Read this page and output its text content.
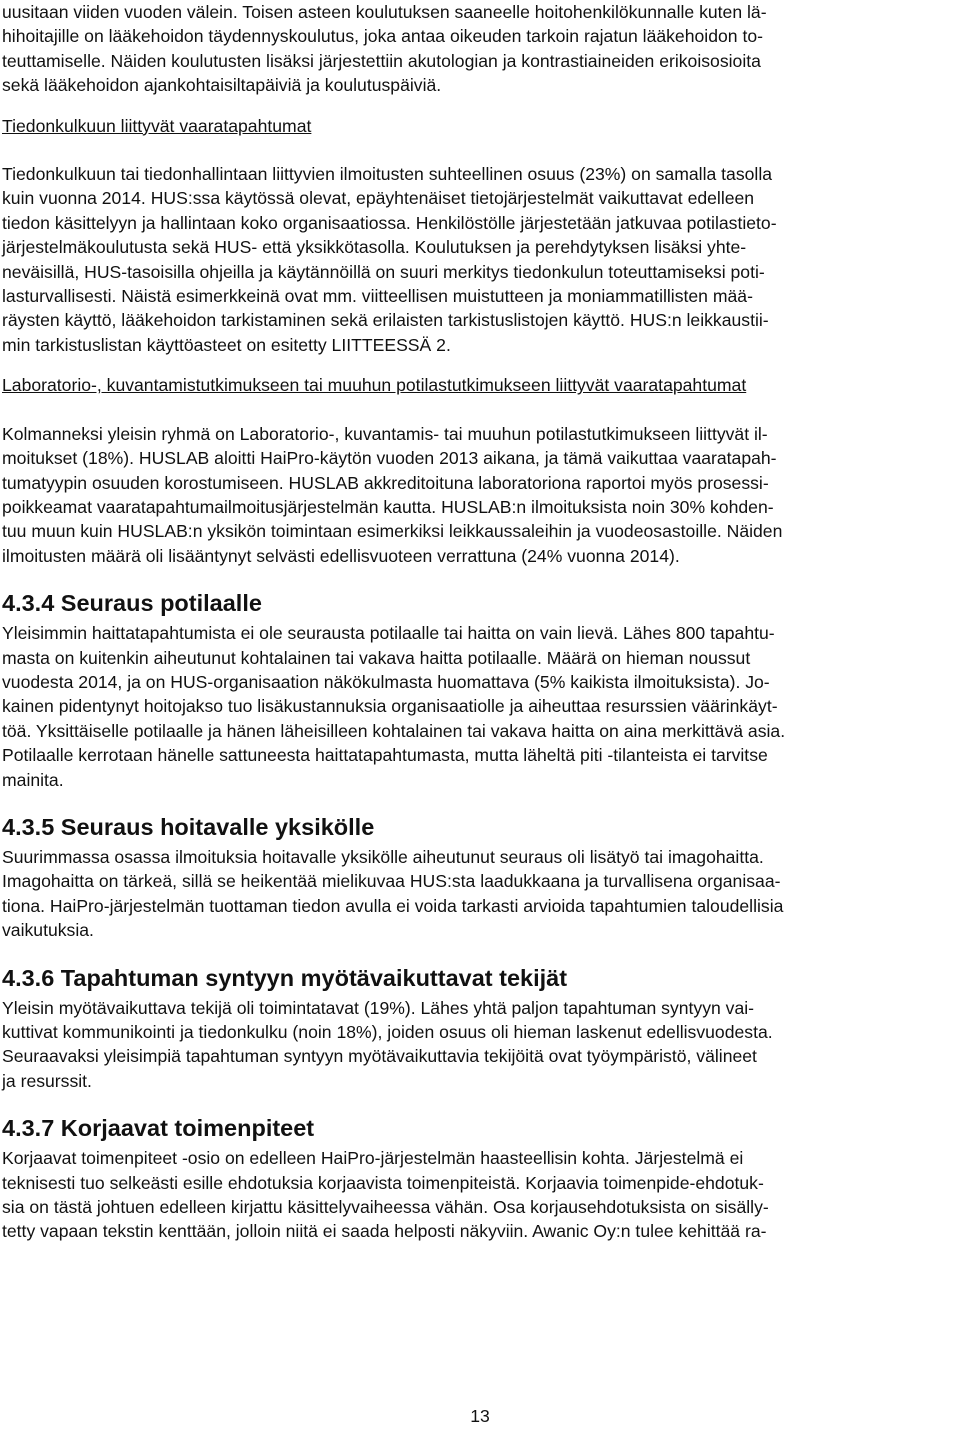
uusitaan viiden vuoden välein. Toisen asteen koulutuksen saaneelle hoitohenkilökunnalle kuten lä-

hihoitajille on lääkehoidon täydennyskoulutus, joka antaa oikeuden tarkoin rajatun lääkehoidon to-

teuttamiselle. Näiden koulutusten lisäksi järjestettiin akutologian ja kontrastiaineiden erikoisosioita

sekä lääkehoidon ajankohtaisiltapäiviä ja koulutuspäiviä.

Tiedonkulkuun liittyvät vaaratapahtumat

Tiedonkulkuun tai tiedonhallintaan liittyvien ilmoitusten suhteellinen osuus (23%) on samalla tasolla

kuin vuonna 2014. HUS:ssa käytössä olevat, epäyhtenäiset tietojärjestelmät vaikuttavat edelleen

tiedon käsittelyyn ja hallintaan koko organisaatiossa. Henkilöstölle järjestetään jatkuvaa potilastieto-

järjestelmäkoulutusta sekä HUS- että yksikkötasolla. Koulutuksen ja perehdytyksen lisäksi yhte-

neväisillä, HUS-tasoisilla ohjeilla ja käytännöillä on suuri merkitys tiedonkulun toteuttamiseksi poti-

lasturvallisesti. Näistä esimerkkeinä ovat mm. viitteellisen muistutteen ja moniammatillisten mää-

räysten käyttö, lääkehoidon tarkistaminen sekä erilaisten tarkistuslistojen käyttö. HUS:n leikkaustii-

min tarkistuslistan käyttöasteet on esitetty LIITTEESSÄ 2.

Laboratorio-, kuvantamistutkimukseen tai muuhun potilastutkimukseen liittyvät vaaratapahtumat

Kolmanneksi yleisin ryhmä on Laboratorio-, kuvantamis- tai muuhun potilastutkimukseen liittyvät il-

moitukset (18%). HUSLAB aloitti HaiPro-käytön vuoden 2013 aikana, ja tämä vaikuttaa vaaratapah-

tumatyypin osuuden korostumiseen. HUSLAB akkreditoituna laboratoriona raportoi myös prosessi-

poikkeamat vaaratapahtumailmoitusjärjestelmän kautta. HUSLAB:n ilmoituksista noin 30% kohden-

tuu muun kuin HUSLAB:n yksikön toimintaan esimerkiksi leikkaussaleihin ja vuodeosastoille. Näiden

ilmoitusten määrä oli lisääntynyt selvästi edellisvuoteen verrattuna (24% vuonna 2014).

4.3.4 Seuraus potilaalle

Yleisimmin haittatapahtumista ei ole seurausta potilaalle tai haitta on vain lievä. Lähes 800 tapahtu-

masta on kuitenkin aiheutunut kohtalainen tai vakava haitta potilaalle. Määrä on hieman noussut

vuodesta 2014, ja on HUS-organisaation näkökulmasta huomattava (5% kaikista ilmoituksista). Jo-

kainen pidentynyt hoitojakso tuo lisäkustannuksia organisaatiolle ja aiheuttaa resurssien väärinkäyt-

töä. Yksittäiselle potilaalle ja hänen läheisilleen kohtalainen tai vakava haitta on aina merkittävä asia.

Potilaalle kerrotaan hänelle sattuneesta haittatapahtumasta, mutta läheltä piti -tilanteista ei tarvitse

mainita.

4.3.5 Seuraus hoitavalle yksikölle

Suurimmassa osassa ilmoituksia hoitavalle yksikölle aiheutunut seuraus oli lisätyö tai imagohaitta.

Imagohaitta on tärkeä, sillä se heikentää mielikuvaa HUS:sta laadukkaana ja turvallisena organisaa-

tiona. HaiPro-järjestelmän tuottaman tiedon avulla ei voida tarkasti arvioida tapahtumien taloudellisia

vaikutuksia.

4.3.6 Tapahtuman syntyyn myötävaikuttavat tekijät

Yleisin myötävaikuttava tekijä oli toimintatavat (19%). Lähes yhtä paljon tapahtuman syntyyn vai-

kuttivat kommunikointi ja tiedonkulku (noin 18%), joiden osuus oli hieman laskenut edellisvuodesta.

Seuraavaksi yleisimpiä tapahtuman syntyyn myötävaikuttavia tekijöitä ovat työympäristö, välineet

ja resurssit.

4.3.7 Korjaavat toimenpiteet

Korjaavat toimenpiteet -osio on edelleen HaiPro-järjestelmän haasteellisin kohta. Järjestelmä ei

teknisesti tuo selkeästi esille ehdotuksia korjaavista toimenpiteistä. Korjaavia toimenpide-ehdotuk-

sia on tästä johtuen edelleen kirjattu käsittelyvaiheessa vähän. Osa korjausehdotuksista on sisälly-

tetty vapaan tekstin kenttään, jolloin niitä ei saada helposti näkyviin. Awanic Oy:n tulee kehittää ra-

13
